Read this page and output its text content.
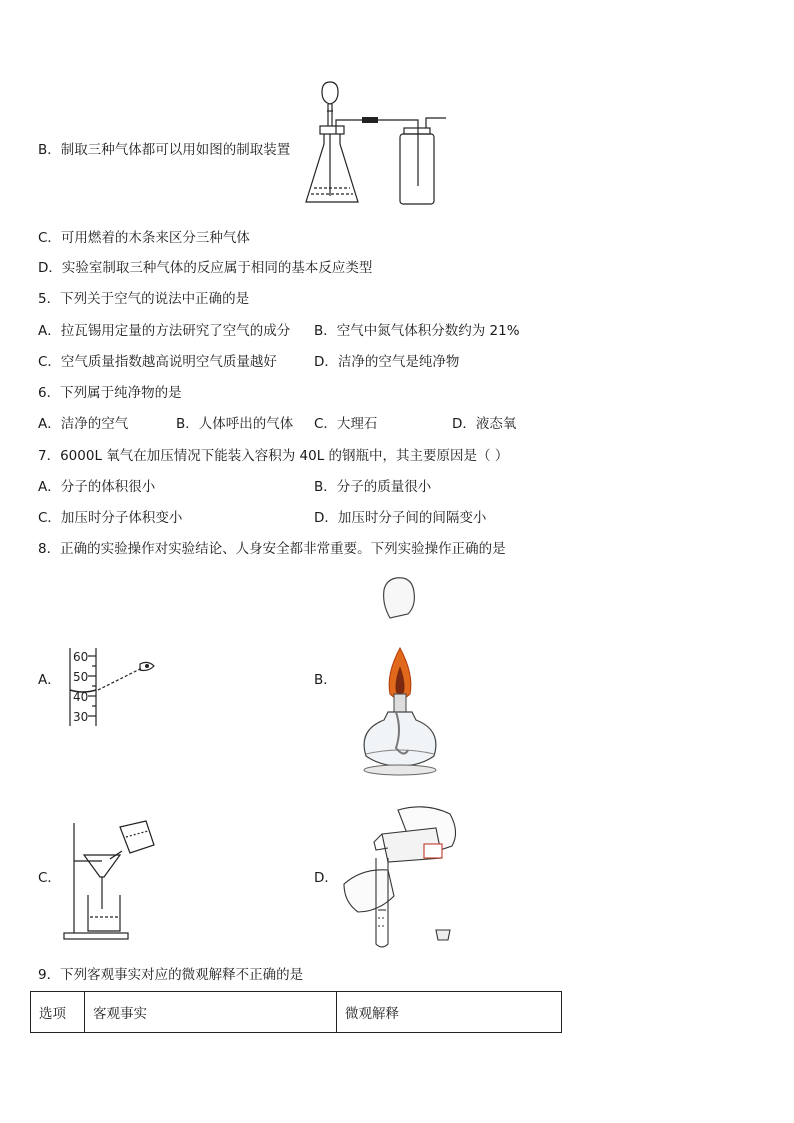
B．制取三种气体都可以用如图的制取装置
C．可用燃着的木条来区分三种气体
D．实验室制取三种气体的反应属于相同的基本反应类型
5．下列关于空气的说法中正确的是
A．拉瓦锡用定量的方法研究了空气的成分 B．空气中氮气体积分数约为 21%
C．空气质量指数越高说明空气质量越好	D．洁净的空气是纯净物
6．下列属于纯净物的是
A．洁净的空气	B．人体呼出的气体 C．大理石	D．液态氧
7．6000L 氧气在加压情况下能装入容积为 40L 的钢瓶中，其主要原因是（ ）
A．分子的体积很小	B．分子的质量很小
C．加压时分子体积变小	D．加压时分子间的间隔变小
8．正确的实验操作对实验结论、人身安全都非常重要。下列实验操作正确的是
A．
60
50
40
30
B．
C．	D．
9．下列客观事实对应的微观解释不正确的是
选项	客观事实	微观解释
